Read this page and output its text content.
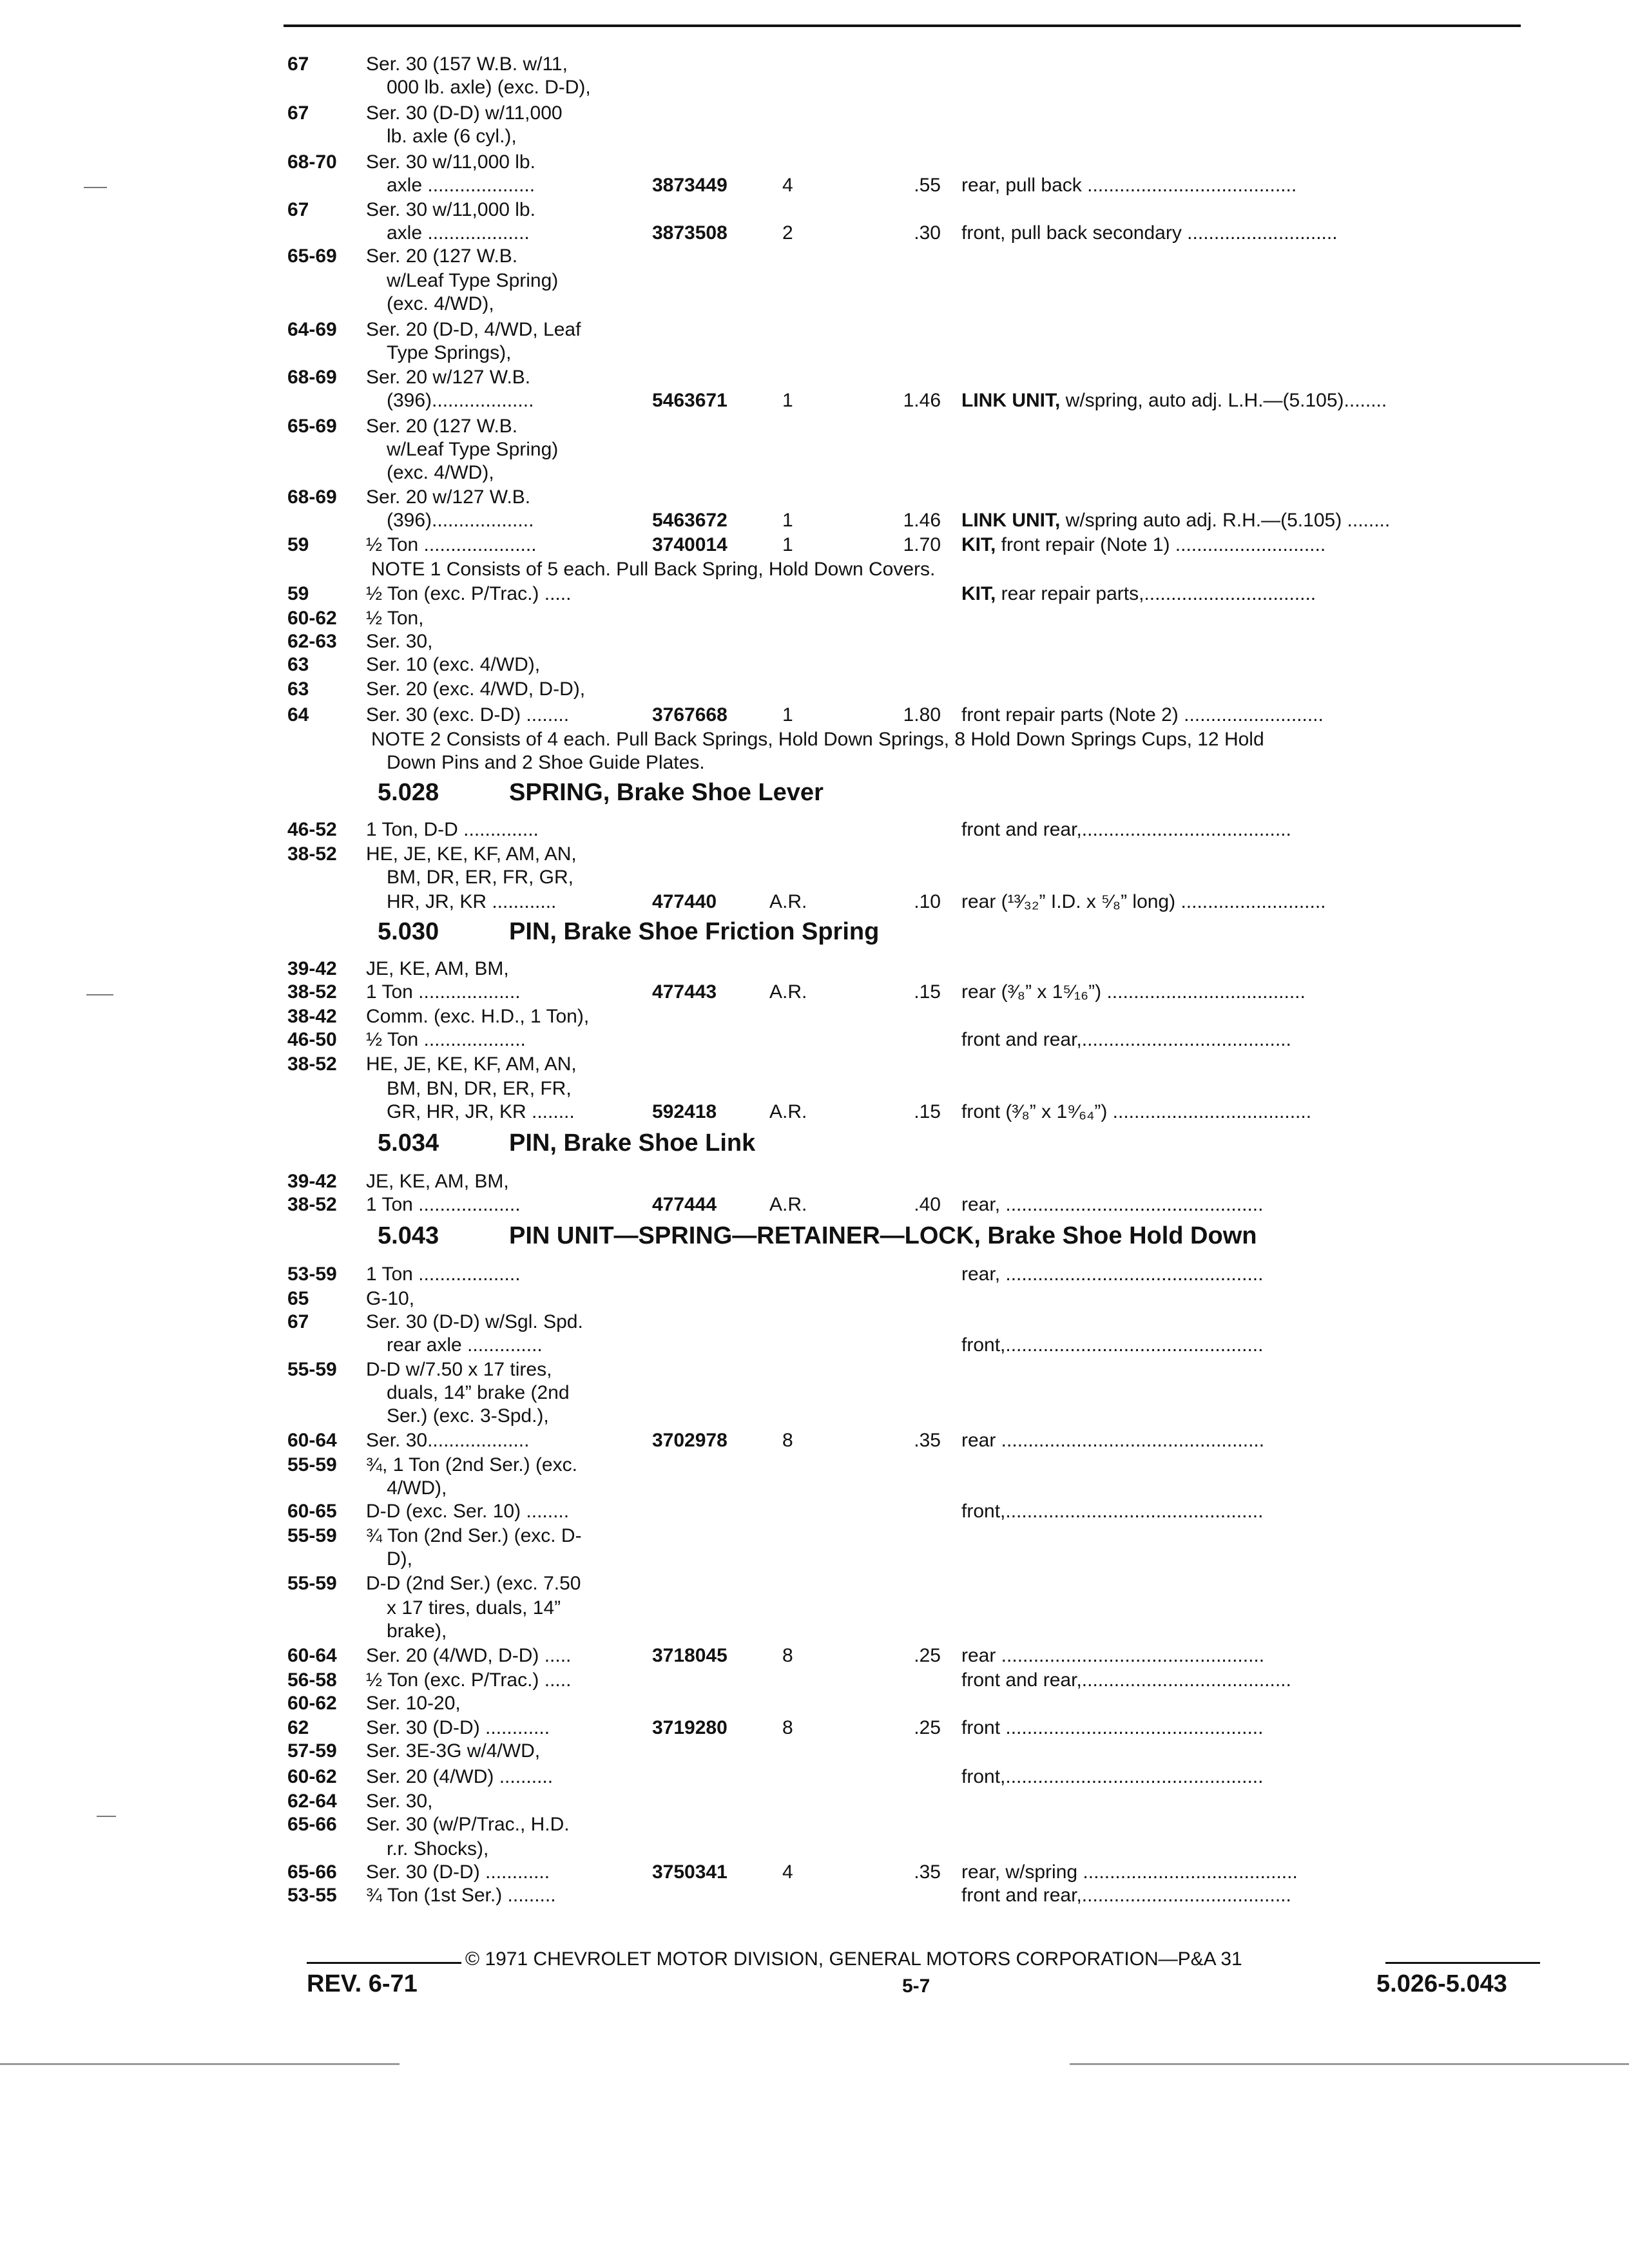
67	Ser. 30 (157 W.B. w/11,
000 lb. axle) (exc. D-D),
67	Ser. 30 (D-D) w/11,000
lb. axle (6 cyl.),
68-70 Ser. 30 w/11,000 lb.
axle ....................	3873449	4	.55 rear, pull back .......................................
67	Ser. 30 w/11,000 lb.
axle ...................	3873508	2	.30 front, pull back secondary ............................
65-69 Ser. 20 (127 W.B.
w/Leaf Type Spring)
(exc. 4/WD),
64-69 Ser. 20 (D-D, 4/WD, Leaf
Type Springs),
68-69 Ser. 20 w/127 W.B.
(396)...................	5463671	1	1.46 LINK UNIT, w/spring, auto adj. L.H.—(5.105)........
65-69 Ser. 20 (127 W.B.
w/Leaf Type Spring)
(exc. 4/WD),
68-69 Ser. 20 w/127 W.B.
(396)...................	5463672	1	1.46 LINK UNIT, w/spring auto adj. R.H.—(5.105) ........
59	½ Ton .....................	3740014	1	1.70 KIT, front repair (Note 1) ............................
NOTE 1 Consists of 5 each. Pull Back Spring, Hold Down Covers.
59	½ Ton (exc. P/Trac.) .....	KIT, rear repair parts,................................
60-62 ½ Ton,
62-63 Ser. 30,
63	Ser. 10 (exc. 4/WD),
63	Ser. 20 (exc. 4/WD, D-D),
64	Ser. 30 (exc. D-D) ........	3767668	1	1.80 front repair parts (Note 2) ..........................
NOTE 2 Consists of 4 each. Pull Back Springs, Hold Down Springs, 8 Hold Down Springs Cups, 12 Hold
Down Pins and 2 Shoe Guide Plates.
5.028	SPRING, Brake Shoe Lever
46-52 1 Ton, D-D ..............	front and rear,.......................................
38-52 HE, JE, KE, KF, AM, AN,
BM, DR, ER, FR, GR,
HR, JR, KR ............	477440	A.R.	.10 rear (¹³⁄₃₂” I.D. x ⁵⁄₈” long) ...........................
5.030	PIN, Brake Shoe Friction Spring
39-42 JE, KE, AM, BM,
38-52 1 Ton ...................	477443	A.R.	.15 rear (³⁄₈” x 1⁵⁄₁₆”) .....................................
38-42 Comm. (exc. H.D., 1 Ton),
46-50 ½ Ton ...................	front and rear,.......................................
38-52 HE, JE, KE, KF, AM, AN,
BM, BN, DR, ER, FR,
GR, HR, JR, KR ........	592418	A.R.	.15 front (³⁄₈” x 1⁹⁄₆₄”) .....................................
5.034	PIN, Brake Shoe Link
39-42 JE, KE, AM, BM,
38-52 1 Ton ...................	477444	A.R.	.40 rear, ................................................
5.043	PIN UNIT—SPRING—RETAINER—LOCK, Brake Shoe Hold Down
53-59 1 Ton ...................	rear, ................................................
65	G-10,
67	Ser. 30 (D-D) w/Sgl. Spd.
rear axle ..............	front,................................................
55-59 D-D w/7.50 x 17 tires,
duals, 14” brake (2nd
Ser.) (exc. 3-Spd.),
60-64 Ser. 30...................	3702978	8	.35 rear .................................................
55-59 ¾, 1 Ton (2nd Ser.) (exc.
4/WD),
60-65 D-D (exc. Ser. 10) ........	front,................................................
55-59 ¾ Ton (2nd Ser.) (exc. D-
D),
55-59 D-D (2nd Ser.) (exc. 7.50
x 17 tires, duals, 14”
brake),
60-64 Ser. 20 (4/WD, D-D) .....	3718045	8	.25 rear .................................................
56-58 ½ Ton (exc. P/Trac.) .....	front and rear,.......................................
60-62 Ser. 10-20,
62	Ser. 30 (D-D) ............	3719280	8	.25 front ................................................
57-59 Ser. 3E-3G w/4/WD,
60-62 Ser. 20 (4/WD) ..........	front,................................................
62-64 Ser. 30,
65-66 Ser. 30 (w/P/Trac., H.D.
r.r. Shocks),
65-66 Ser. 30 (D-D) ............	3750341	4	.35 rear, w/spring ........................................
53-55 ¾ Ton (1st Ser.) .........	front and rear,.......................................
© 1971 CHEVROLET MOTOR DIVISION, GENERAL MOTORS CORPORATION—P&A 31
REV. 6-71	5-7	5.026-5.043
